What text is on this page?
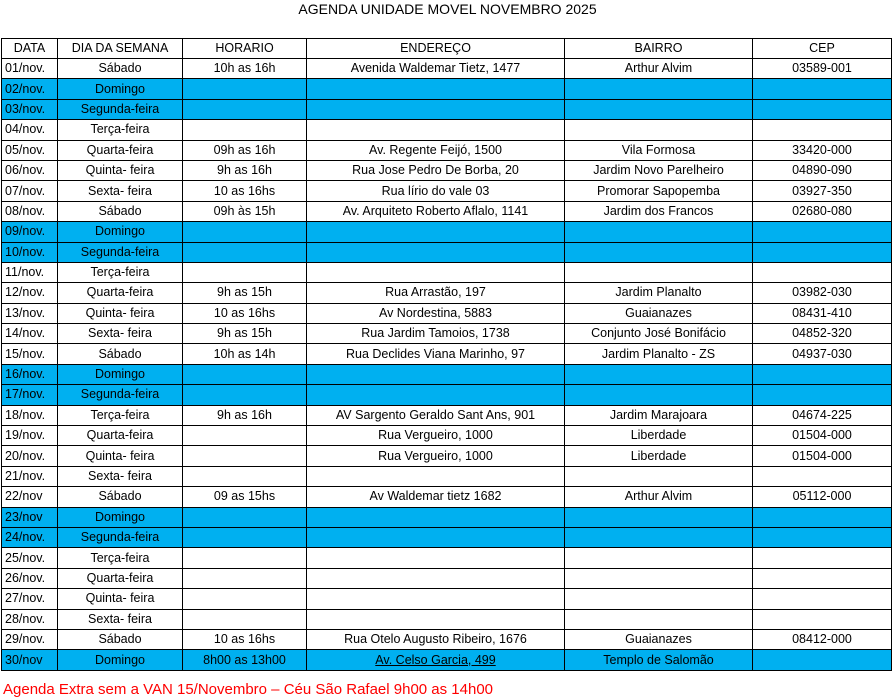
AGENDA UNIDADE MOVEL NOVEMBRO 2025
DATA	DIA DA SEMANA	HORARIO	ENDEREÇO	BAIRRO	CEP
01/nov.	Sábado	10h as 16h	Avenida Waldemar Tietz, 1477	Arthur Alvim	03589-001
02/nov.	Domingo				
03/nov.	Segunda-feira				
04/nov.	Terça-feira				
05/nov.	Quarta-feira	09h as 16h	Av. Regente Feijó, 1500	Vila Formosa	33420-000
06/nov.	Quinta- feira	9h as 16h	Rua Jose Pedro De Borba, 20	Jardim Novo Parelheiro	04890-090
07/nov.	Sexta- feira	10 as 16hs	Rua lírio do vale 03	Promorar Sapopemba	03927-350
08/nov.	Sábado	09h às 15h	Av. Arquiteto Roberto Aflalo, 1141	Jardim dos Francos	02680-080
09/nov.	Domingo				
10/nov.	Segunda-feira				
11/nov.	Terça-feira				
12/nov.	Quarta-feira	9h as 15h	Rua Arrastão, 197	Jardim Planalto	03982-030
13/nov.	Quinta- feira	10 as 16hs	Av Nordestina, 5883	Guaianazes	08431-410
14/nov.	Sexta- feira	9h as 15h	Rua Jardim Tamoios, 1738	Conjunto José Bonifácio	04852-320
15/nov.	Sábado	10h as 14h	Rua Declides Viana Marinho, 97	Jardim Planalto - ZS	04937-030
16/nov.	Domingo				
17/nov.	Segunda-feira				
18/nov.	Terça-feira	9h as 16h	AV Sargento Geraldo Sant Ans, 901	Jardim Marajoara	04674-225
19/nov.	Quarta-feira		Rua Vergueiro, 1000	Liberdade	01504-000
20/nov.	Quinta- feira		Rua Vergueiro, 1000	Liberdade	01504-000
21/nov.	Sexta- feira				
22/nov	Sábado	09 as 15hs	Av Waldemar tietz 1682	Arthur Alvim	05112-000
23/nov	Domingo				
24/nov.	Segunda-feira				
25/nov.	Terça-feira				
26/nov.	Quarta-feira				
27/nov.	Quinta- feira				
28/nov.	Sexta- feira				
29/nov.	Sábado	10 as 16hs	Rua Otelo Augusto Ribeiro, 1676	Guaianazes	08412-000
30/nov	Domingo	8h00 as 13h00	Av. Celso Garcia, 499	Templo de Salomão	
Agenda Extra sem a VAN 15/Novembro – Céu São Rafael 9h00 as 14h00
